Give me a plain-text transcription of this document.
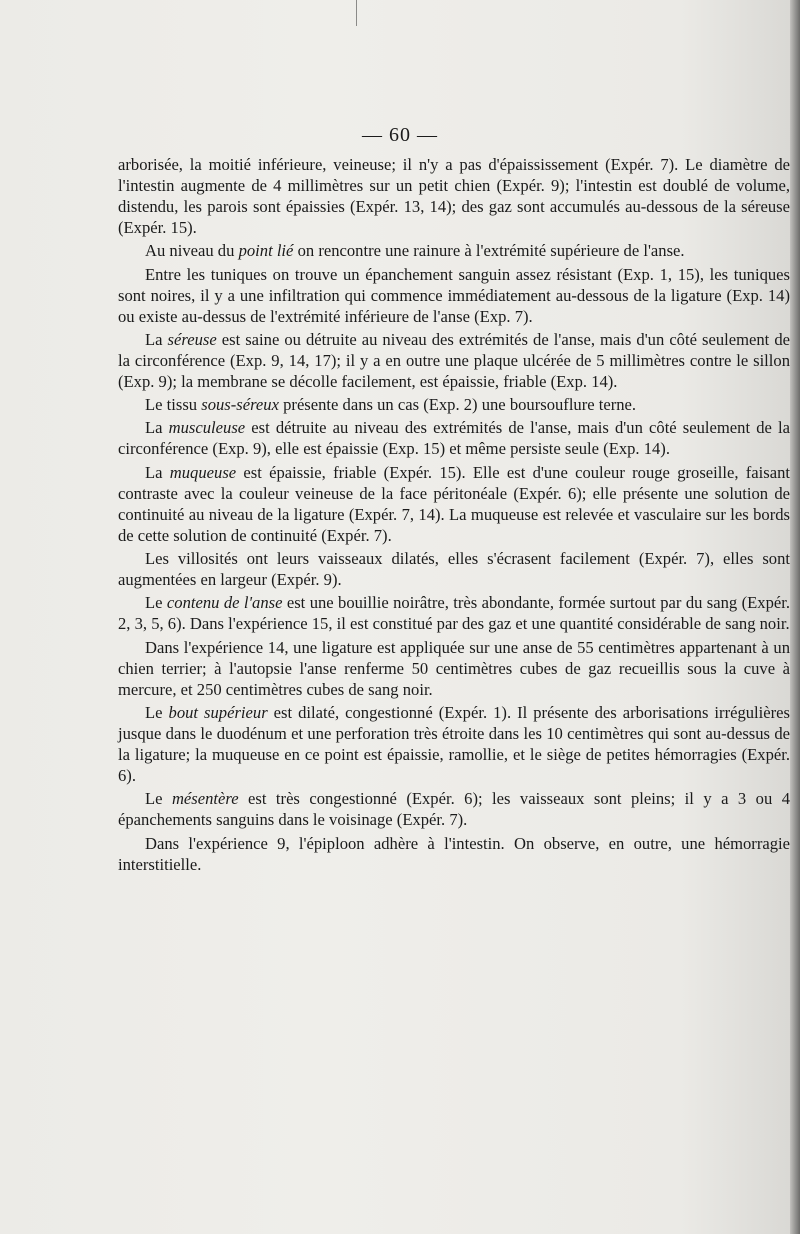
— 60 —

arborisée, la moitié inférieure, veineuse; il n'y a pas d'épaississement (Expér. 7). Le diamètre de l'intestin augmente de 4 millimètres sur un petit chien (Expér. 9); l'intestin est doublé de volume, distendu, les parois sont épaissies (Expér. 13, 14); des gaz sont accumulés au-dessous de la séreuse (Expér. 15).

Au niveau du point lié on rencontre une rainure à l'extrémité supérieure de l'anse.

Entre les tuniques on trouve un épanchement sanguin assez résistant (Exp. 1, 15), les tuniques sont noires, il y a une infiltration qui commence immédiatement au-dessous de la ligature (Exp. 14) ou existe au-dessus de l'extrémité inférieure de l'anse (Exp. 7).

La séreuse est saine ou détruite au niveau des extrémités de l'anse, mais d'un côté seulement de la circonférence (Exp. 9, 14, 17); il y a en outre une plaque ulcérée de 5 millimètres contre le sillon (Exp. 9); la membrane se décolle facilement, est épaissie, friable (Exp. 14).

Le tissu sous-séreux présente dans un cas (Exp. 2) une boursouflure terne.

La musculeuse est détruite au niveau des extrémités de l'anse, mais d'un côté seulement de la circonférence (Exp. 9), elle est épaissie (Exp. 15) et même persiste seule (Exp. 14).

La muqueuse est épaissie, friable (Expér. 15). Elle est d'une couleur rouge groseille, faisant contraste avec la couleur veineuse de la face péritonéale (Expér. 6); elle présente une solution de continuité au niveau de la ligature (Expér. 7, 14). La muqueuse est relevée et vasculaire sur les bords de cette solution de continuité (Expér. 7).

Les villosités ont leurs vaisseaux dilatés, elles s'écrasent facilement (Expér. 7), elles sont augmentées en largeur (Expér. 9).

Le contenu de l'anse est une bouillie noirâtre, très abondante, formée surtout par du sang (Expér. 2, 3, 5, 6). Dans l'expérience 15, il est constitué par des gaz et une quantité considérable de sang noir.

Dans l'expérience 14, une ligature est appliquée sur une anse de 55 centimètres appartenant à un chien terrier; à l'autopsie l'anse renferme 50 centimètres cubes de gaz recueillis sous la cuve à mercure, et 250 centimètres cubes de sang noir.

Le bout supérieur est dilaté, congestionné (Expér. 1). Il présente des arborisations irrégulières jusque dans le duodénum et une perforation très étroite dans les 10 centimètres qui sont au-dessus de la ligature; la muqueuse en ce point est épaissie, ramollie, et le siège de petites hémorragies (Expér. 6).

Le mésentère est très congestionné (Expér. 6); les vaisseaux sont pleins; il y a 3 ou 4 épanchements sanguins dans le voisinage (Expér. 7).

Dans l'expérience 9, l'épiploon adhère à l'intestin. On observe, en outre, une hémorragie interstitielle.
